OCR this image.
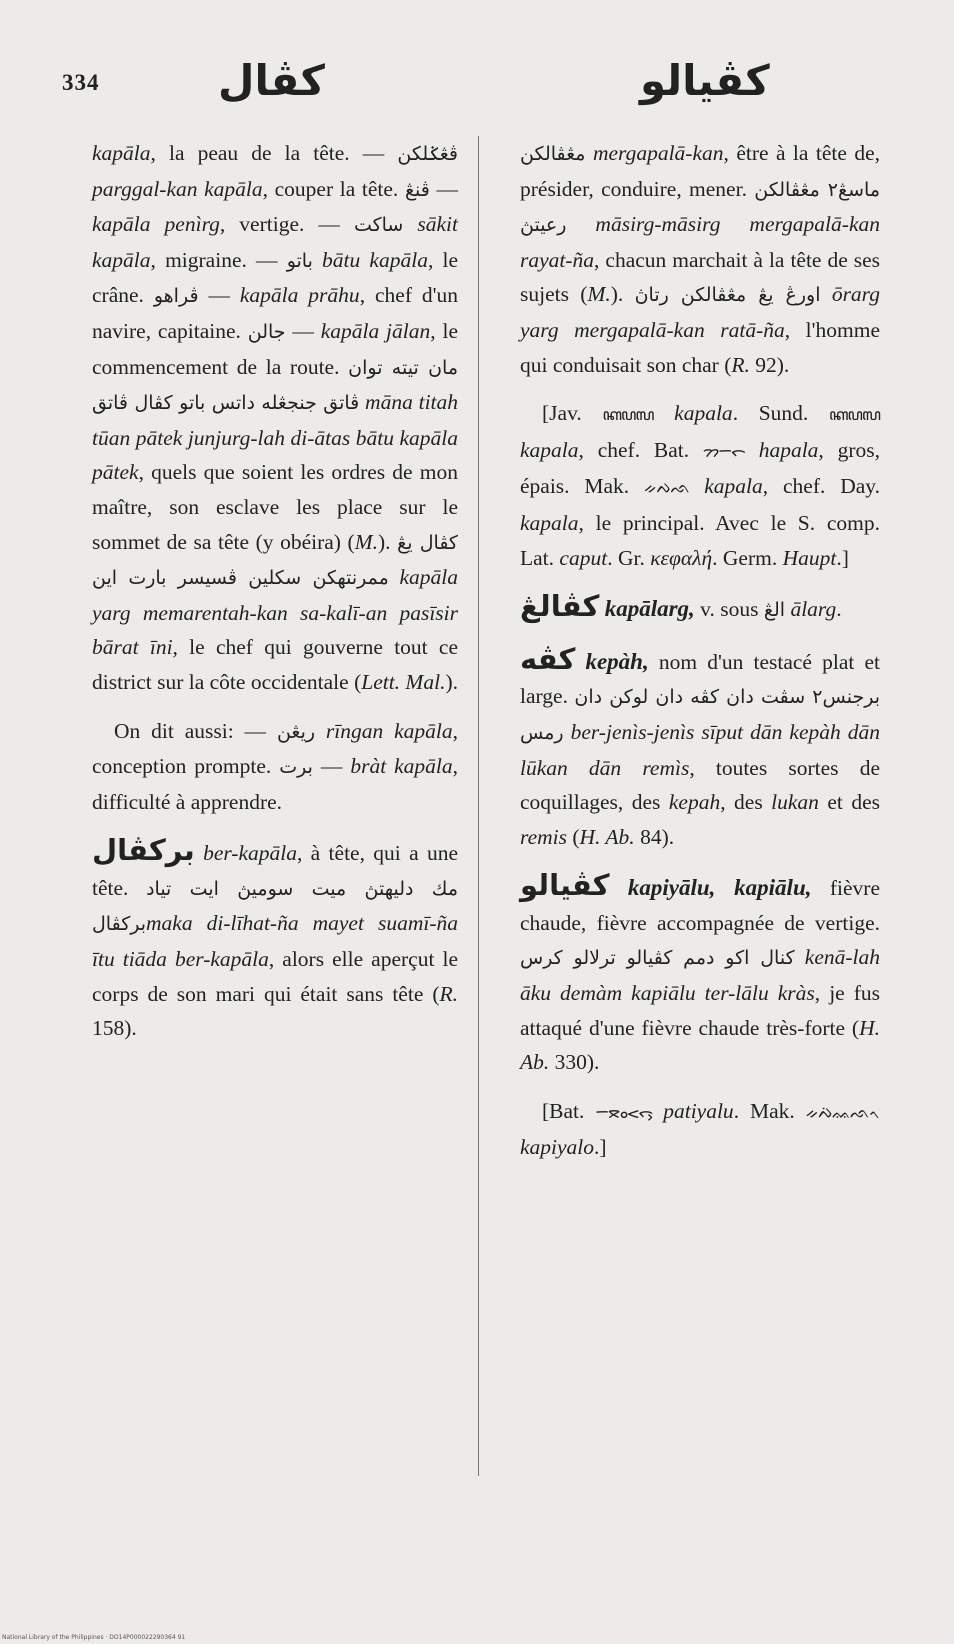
334	كڤال	كڤيالو

kapāla, la peau de la tête. — ڤڠݢلكن parggal-kan kapāla, couper la tête. ڤنڠ — kapāla penìrg, vertige. — ساكت sākit kapāla, migraine. — باتو bātu kapāla, le crâne. ڤراهو — kapāla prāhu, chef d'un navire, capitaine. جالن — kapāla jālan, le commencement de la route. مان تيته توان ڤاتق جنجڠله داتس باتو كڤال ڤاتق māna titah tūan pātek junjurg-lah di-ātas bātu kapāla pātek, quels que soient les ordres de mon maître, son esclave les place sur le sommet de sa tête (y obéira) (M.). كڤال يڠ ممرنتهكن سكلين ڤسيسر بارت این kapāla yarg memarentah-kan sa-kalī-an pasīsir bārat īni, le chef qui gouverne tout ce district sur la côte occidentale (Lett. Mal.).

On dit aussi: — ريڠن rīngan kapāla, conception prompte. برت — bràt kapāla, difficulté à apprendre.

بركڤال ber-kapāla, à tête, qui a une tête. مك دليهتڽ ميت سوميڽ ايت تياد بركڤالmaka di-līhat-ña mayet suamī-ña ītu tiāda ber-kapāla, alors elle aperçut le corps de son mari qui était sans tête (R. 158).

مڠڤالكن mergapalā-kan, être à la tête de, présider, conduire, mener. ماسڠ٢ مڠڤالكن رعيتڽ māsirg-māsirg mergapalā-kan rayat-ña, chacun marchait à la tête de ses sujets (M.). اورڠ يڠ مڠڤالكن رتاڽ ōrarg yarg mergapalā-kan ratā-ña, l'homme qui conduisait son char (R. 92).

[Jav. ꦏꦥꦭ kapala. Sund. ꦏꦥꦭ kapala, chef. Bat. ᯂᯇᯞ hapala, gros, épais. Mak. ᨀᨄᨒ kapala, chef. Day. kapala, le principal. Avec le S. comp. Lat. caput. Gr. κεφαλή. Germ. Haupt.]

كڤالڠ kapālarg, v. sous الڠ ālarg.

كڤه kepàh, nom d'un testacé plat et large. برجنس٢ سڤت دان كڤه دان لوكن دان رمس ber-jenìs-jenìs sīput dān kepàh dān lūkan dān remìs, toutes sortes de coquillages, des kepah, des lukan et des remis (H. Ab. 84).

كڤيالو kapiyālu, kapiālu, fièvre chaude, fièvre accompagnée de vertige. كنال اكو دمم كڤيالو ترلالو كرس kenā-lah āku demàm kapiālu ter-lālu kràs, je fus attaqué d'une fièvre chaude très-forte (H. Ab. 330).

[Bat. ᯇᯖᯪᯝᯞᯮ patiyalu. Mak. ᨀᨄᨗᨐᨒᨚ kapiyalo.]

National Library of the Philippines · DO14P000022290364 91
